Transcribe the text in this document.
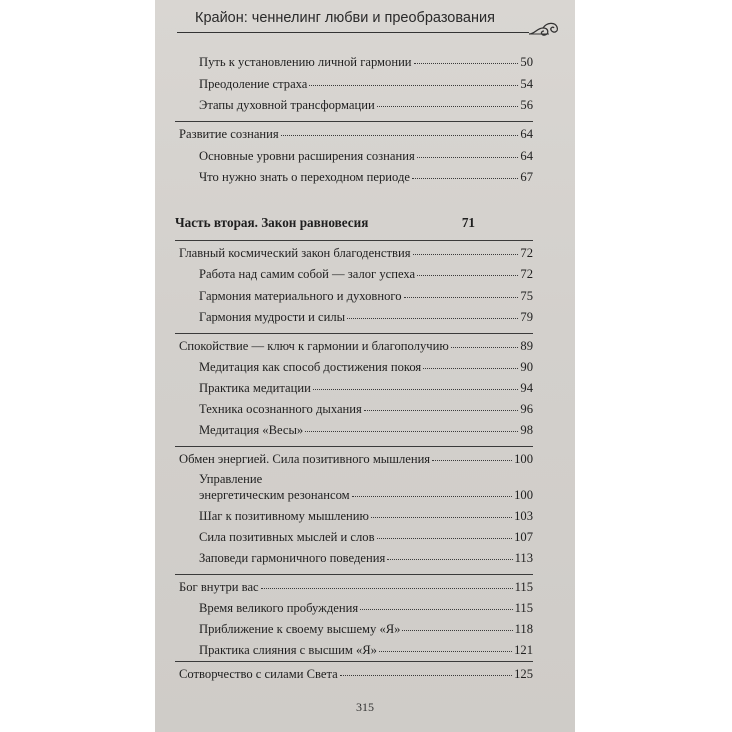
Крайон: ченнелинг любви и преобразования
Путь к установлению личной гармонии	50
Преодоление страха	54
Этапы духовной трансформации	56
Развитие сознания	64
Основные уровни расширения сознания	64
Что нужно знать о переходном периоде	67
Часть вторая. Закон равновесия	71
Главный космический закон благоденствия	72
Работа над самим собой — залог успеха	72
Гармония материального и духовного	75
Гармония мудрости и силы	79
Спокойствие — ключ к гармонии и благополучию	89
Медитация как способ достижения покоя	90
Практика медитации	94
Техника осознанного дыхания	96
Медитация «Весы»	98
Обмен энергией. Сила позитивного мышления	100
Управление
энергетическим резонансом	100
Шаг к позитивному мышлению	103
Сила позитивных мыслей и слов	107
Заповеди гармоничного поведения	113
Бог внутри вас	115
Время великого пробуждения	115
Приближение к своему высшему «Я»	118
Практика слияния с высшим «Я»	121
Сотворчество с силами Света	125
315
